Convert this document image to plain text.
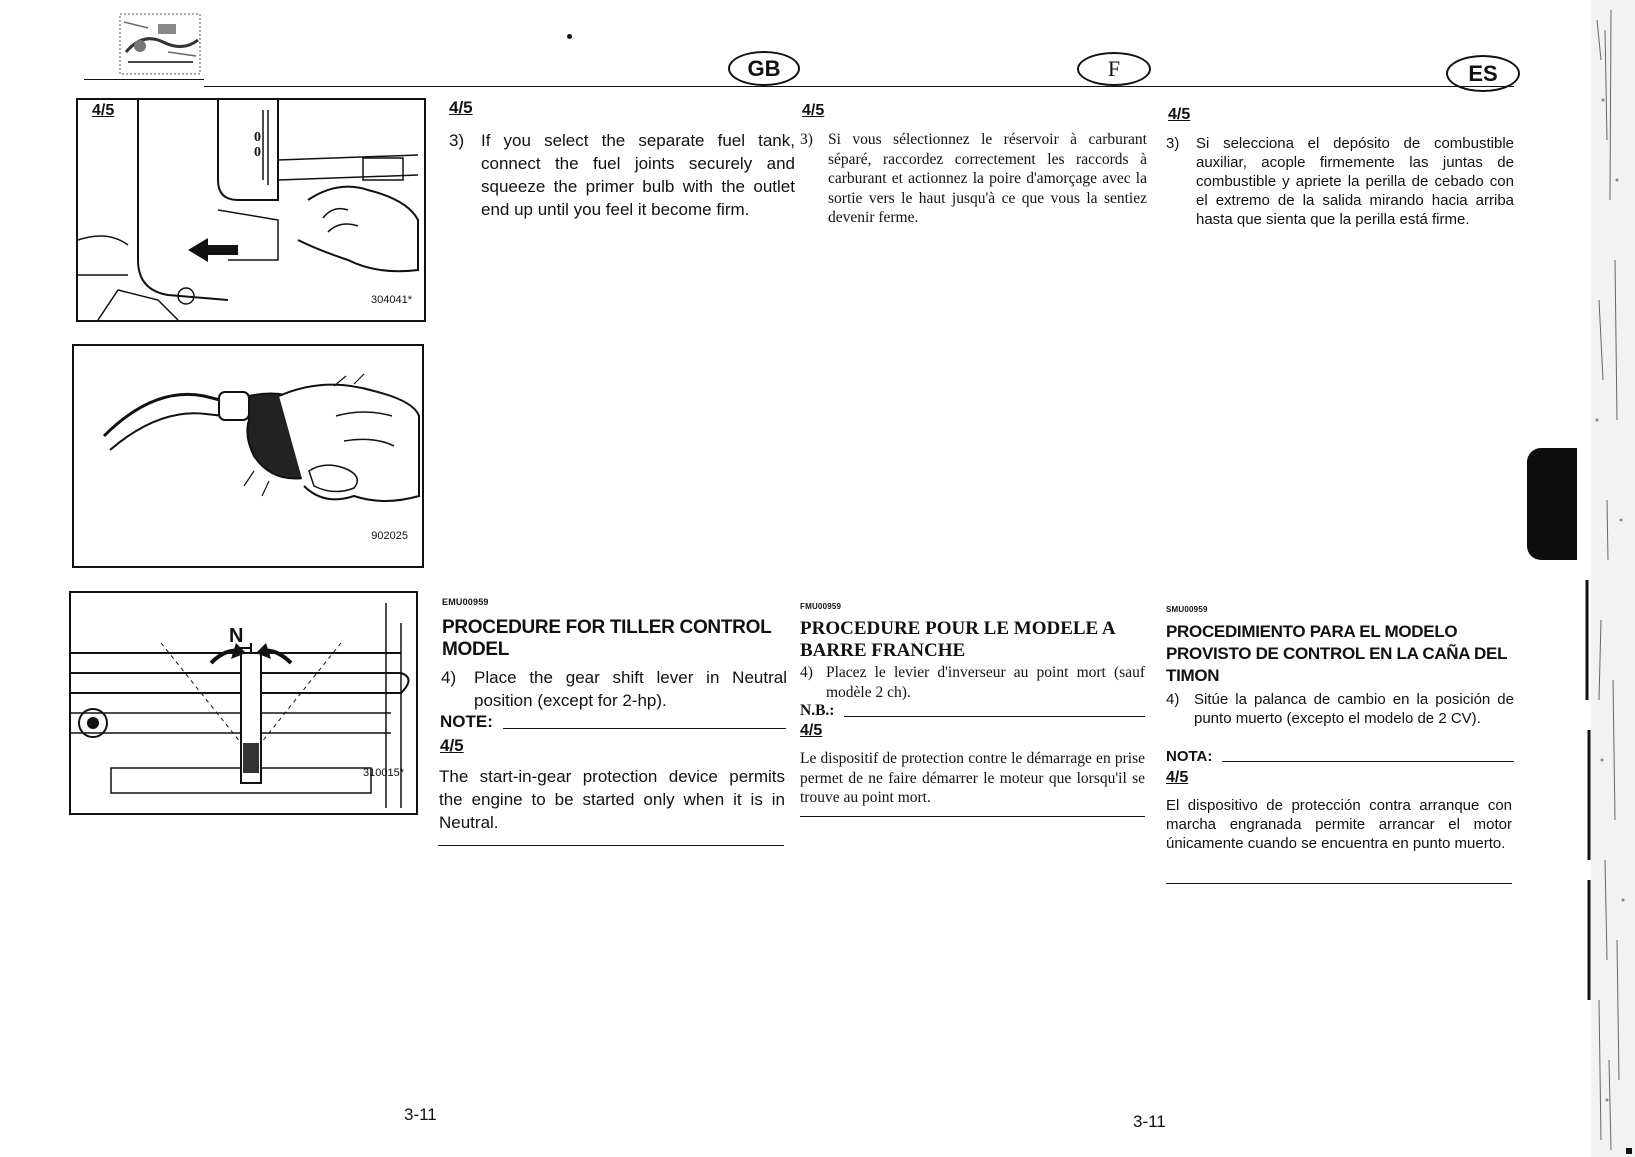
GB	F	ES
4/5
0
0
304041*
902025
N
310015*
4/5
3) If you select the separate fuel tank, connect the fuel joints securely and squeeze the primer bulb with the outlet end up until you feel it become firm.
EMU00959
PROCEDURE FOR TILLER CONTROL MODEL
4)	Place the gear shift lever in Neutral position (except for 2-hp).
NOTE:
4/5
The start-in-gear protection device permits the engine to be started only when it is in Neutral.
4/5
3) Si vous sélectionnez le réservoir à carburant séparé, raccordez correctement les raccords à carburant et actionnez la poire d'amorçage avec la sortie vers le haut jusqu'à ce que vous la sentiez devenir ferme.
FMU00959
PROCEDURE POUR LE MODELE A BARRE FRANCHE
4) Placez le levier d'inverseur au point mort (sauf modèle 2 ch).
N.B.:
4/5
Le dispositif de protection contre le démarrage en prise permet de ne faire démarrer le moteur que lorsqu'il se trouve au point mort.
4/5
3)	Si selecciona el depósito de combustible auxiliar, acople firmemente las juntas de combustible y apriete la perilla de cebado con el extremo de la salida mirando hacia arriba hasta que sienta que la perilla está firme.
SMU00959
PROCEDIMIENTO PARA EL MODELO PROVISTO DE CONTROL EN LA CAÑA DEL TIMON
4) Sitúe la palanca de cambio en la posición de punto muerto (excepto el modelo de 2 CV).
NOTA:
4/5
El dispositivo de protección contra arranque con marcha engranada permite arrancar el motor únicamente cuando se encuentra en punto muerto.
3-11	3-11
